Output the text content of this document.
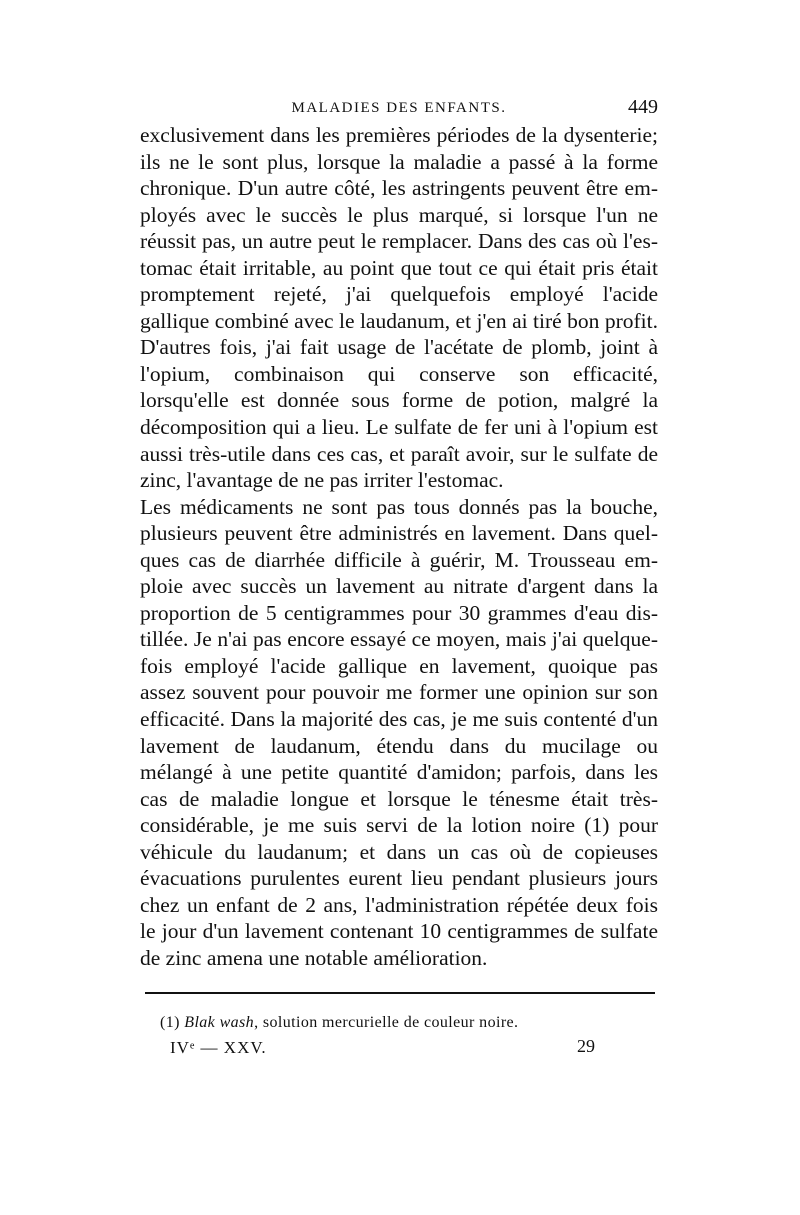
MALADIES DES ENFANTS.	449

exclusivement dans les premières périodes de la dysenterie; ils ne le sont plus, lorsque la maladie a passé à la forme chronique. D'un autre côté, les astringents peuvent être employés avec le succès le plus marqué, si lorsque l'un ne réussit pas, un autre peut le remplacer. Dans des cas où l'estomac était irritable, au point que tout ce qui était pris était promptement rejeté, j'ai quelquefois employé l'acide gallique combiné avec le laudanum, et j'en ai tiré bon profit. D'autres fois, j'ai fait usage de l'acétate de plomb, joint à l'opium, combinaison qui conserve son efficacité, lorsqu'elle est donnée sous forme de potion, malgré la décomposition qui a lieu. Le sulfate de fer uni à l'opium est aussi très-utile dans ces cas, et paraît avoir, sur le sulfate de zinc, l'avantage de ne pas irriter l'estomac.

Les médicaments ne sont pas tous donnés pas la bouche, plusieurs peuvent être administrés en lavement. Dans quelques cas de diarrhée difficile à guérir, M. Trousseau emploie avec succès un lavement au nitrate d'argent dans la proportion de 5 centigrammes pour 30 grammes d'eau distillée. Je n'ai pas encore essayé ce moyen, mais j'ai quelquefois employé l'acide gallique en lavement, quoique pas assez souvent pour pouvoir me former une opinion sur son efficacité. Dans la majorité des cas, je me suis contenté d'un lavement de laudanum, étendu dans du mucilage ou mélangé à une petite quantité d'amidon; parfois, dans les cas de maladie longue et lorsque le ténesme était très-considérable, je me suis servi de la lotion noire (1) pour véhicule du laudanum; et dans un cas où de copieuses évacuations purulentes eurent lieu pendant plusieurs jours chez un enfant de 2 ans, l'administration répétée deux fois le jour d'un lavement contenant 10 centigrammes de sulfate de zinc amena une notable amélioration.

(1) Blak wash, solution mercurielle de couleur noire.
IVᵉ — XXV.	29
